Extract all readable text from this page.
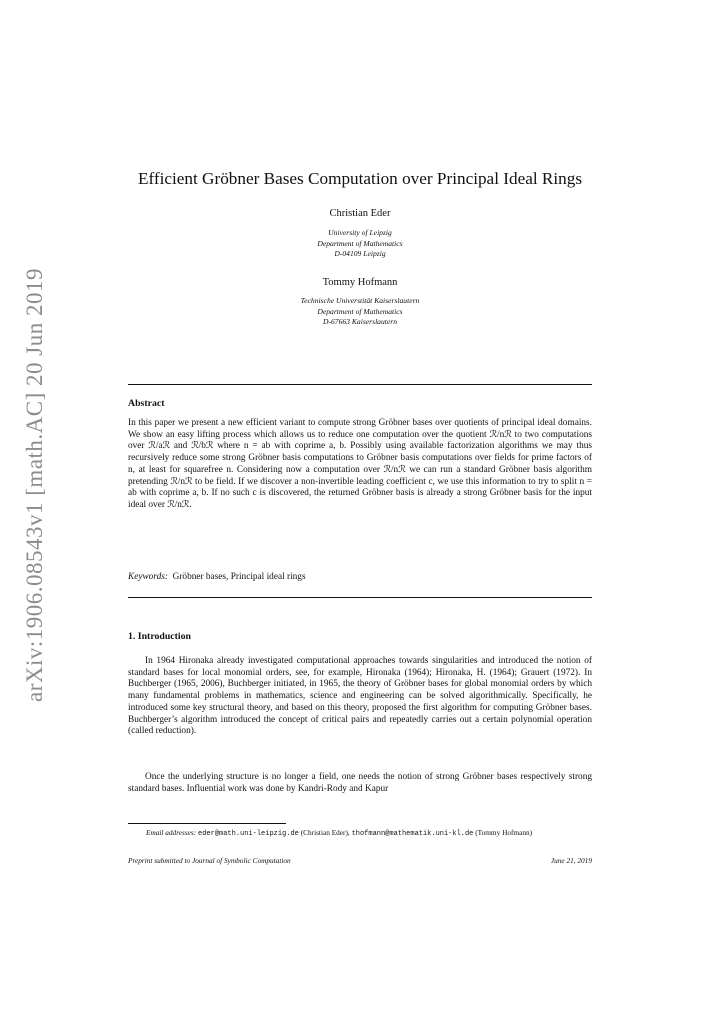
arXiv:1906.08543v1 [math.AC] 20 Jun 2019
Efficient Gröbner Bases Computation over Principal Ideal Rings
Christian Eder
University of Leipzig
Department of Mathematics
D-04109 Leipzig
Tommy Hofmann
Technische Universtität Kaiserslautern
Department of Mathematics
D-67663 Kaiserslautern
Abstract

In this paper we present a new efficient variant to compute strong Gröbner bases over quotients of principal ideal domains. We show an easy lifting process which allows us to reduce one computation over the quotient ℛ/nℛ to two computations over ℛ/aℛ and ℛ/bℛ where n = ab with coprime a, b. Possibly using available factorization algorithms we may thus recursively reduce some strong Gröbner basis computations to Gröbner basis computations over fields for prime factors of n, at least for squarefree n. Considering now a computation over ℛ/nℛ we can run a standard Gröbner basis algorithm pretending ℛ/nℛ to be field. If we discover a non-invertible leading coefficient c, we use this information to try to split n = ab with coprime a, b. If no such c is discovered, the returned Gröbner basis is already a strong Gröbner basis for the input ideal over ℛ/nℛ.

Keywords: Gröbner bases, Principal ideal rings
1. Introduction

In 1964 Hironaka already investigated computational approaches towards singularities and introduced the notion of standard bases for local monomial orders, see, for example, Hironaka (1964); Hironaka, H. (1964); Grauert (1972). In Buchberger (1965, 2006), Buchberger initiated, in 1965, the theory of Gröbner bases for global monomial orders by which many fundamental problems in mathematics, science and engineering can be solved algorithmically. Specifically, he introduced some key structural theory, and based on this theory, proposed the first algorithm for computing Gröbner bases. Buchberger’s algorithm introduced the concept of critical pairs and repeatedly carries out a certain polynomial operation (called reduction).

Once the underlying structure is no longer a field, one needs the notion of strong Gröbner bases respectively strong standard bases. Influential work was done by Kandri-Rody and Kapur

Email addresses: eder@math.uni-leipzig.de (Christian Eder), thofmann@mathematik.uni-kl.de (Tommy Hofmann)
Preprint submitted to Journal of Symbolic Computation	June 21, 2019
